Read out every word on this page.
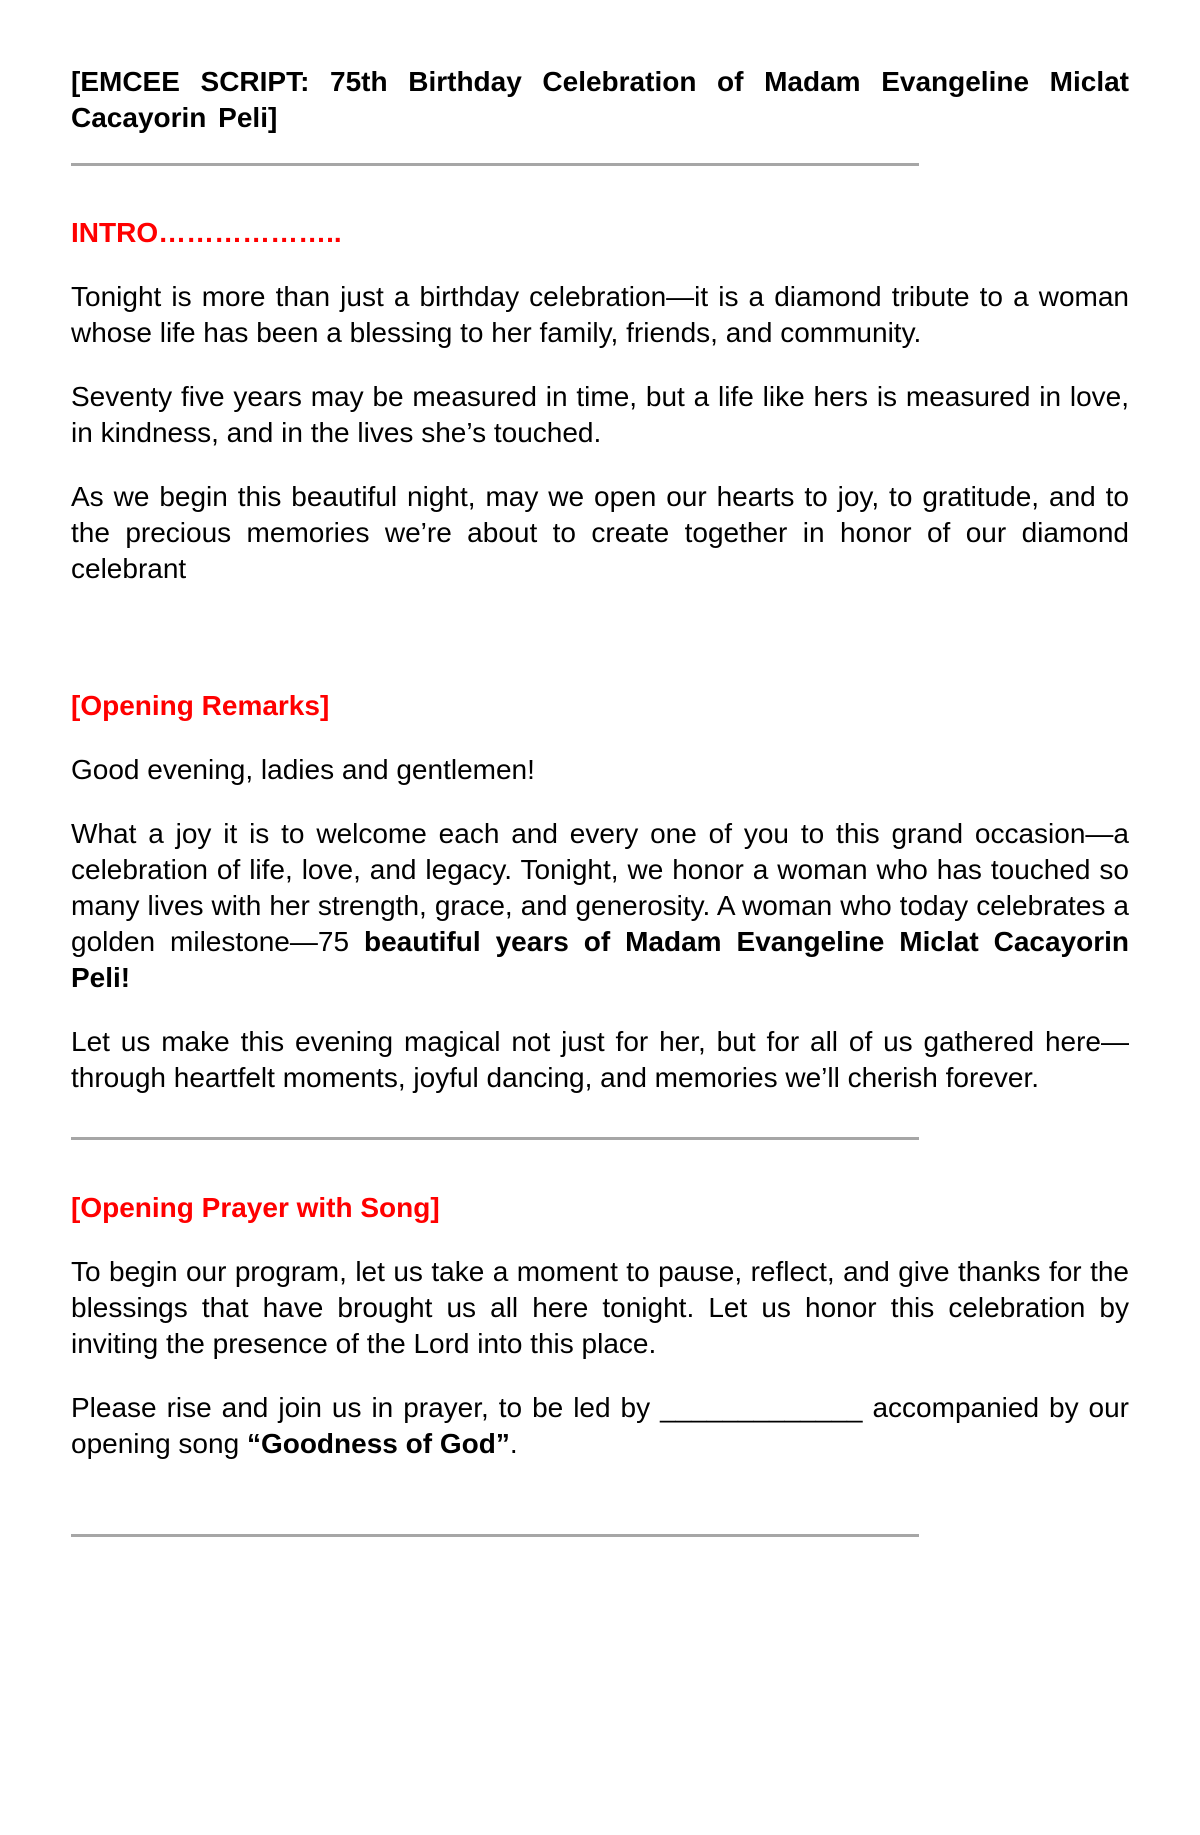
[EMCEE SCRIPT: 75th Birthday Celebration of Madam Evangeline Miclat Cacayorin Peli]

INTRO………………..

Tonight is more than just a birthday celebration—it is a diamond tribute to a woman whose life has been a blessing to her family, friends, and community.

Seventy five years may be measured in time, but a life like hers is measured in love, in kindness, and in the lives she’s touched.

As we begin this beautiful night, may we open our hearts to joy, to gratitude, and to the precious memories we’re about to create together in honor of our diamond celebrant

[Opening Remarks]

Good evening, ladies and gentlemen!

What a joy it is to welcome each and every one of you to this grand occasion—a celebration of life, love, and legacy. Tonight, we honor a woman who has touched so many lives with her strength, grace, and generosity. A woman who today celebrates a golden milestone—75 beautiful years of Madam Evangeline Miclat Cacayorin Peli!

Let us make this evening magical not just for her, but for all of us gathered here—through heartfelt moments, joyful dancing, and memories we’ll cherish forever.

[Opening Prayer with Song]

To begin our program, let us take a moment to pause, reflect, and give thanks for the blessings that have brought us all here tonight. Let us honor this celebration by inviting the presence of the Lord into this place.

Please rise and join us in prayer, to be led by _____________ accompanied by our opening song “Goodness of God”.
